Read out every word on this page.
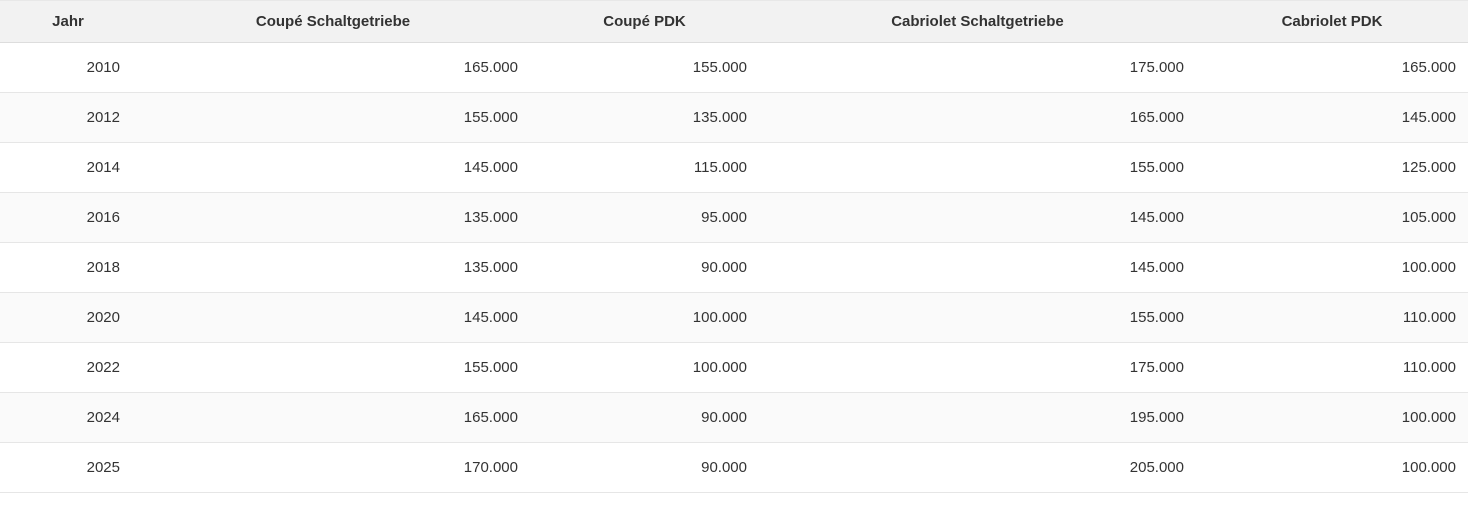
Jahr	Coupé Schaltgetriebe	Coupé PDK	Cabriolet Schaltgetriebe	Cabriolet PDK
2010	165.000	155.000	175.000	165.000
2012	155.000	135.000	165.000	145.000
2014	145.000	115.000	155.000	125.000
2016	135.000	95.000	145.000	105.000
2018	135.000	90.000	145.000	100.000
2020	145.000	100.000	155.000	110.000
2022	155.000	100.000	175.000	110.000
2024	165.000	90.000	195.000	100.000
2025	170.000	90.000	205.000	100.000
